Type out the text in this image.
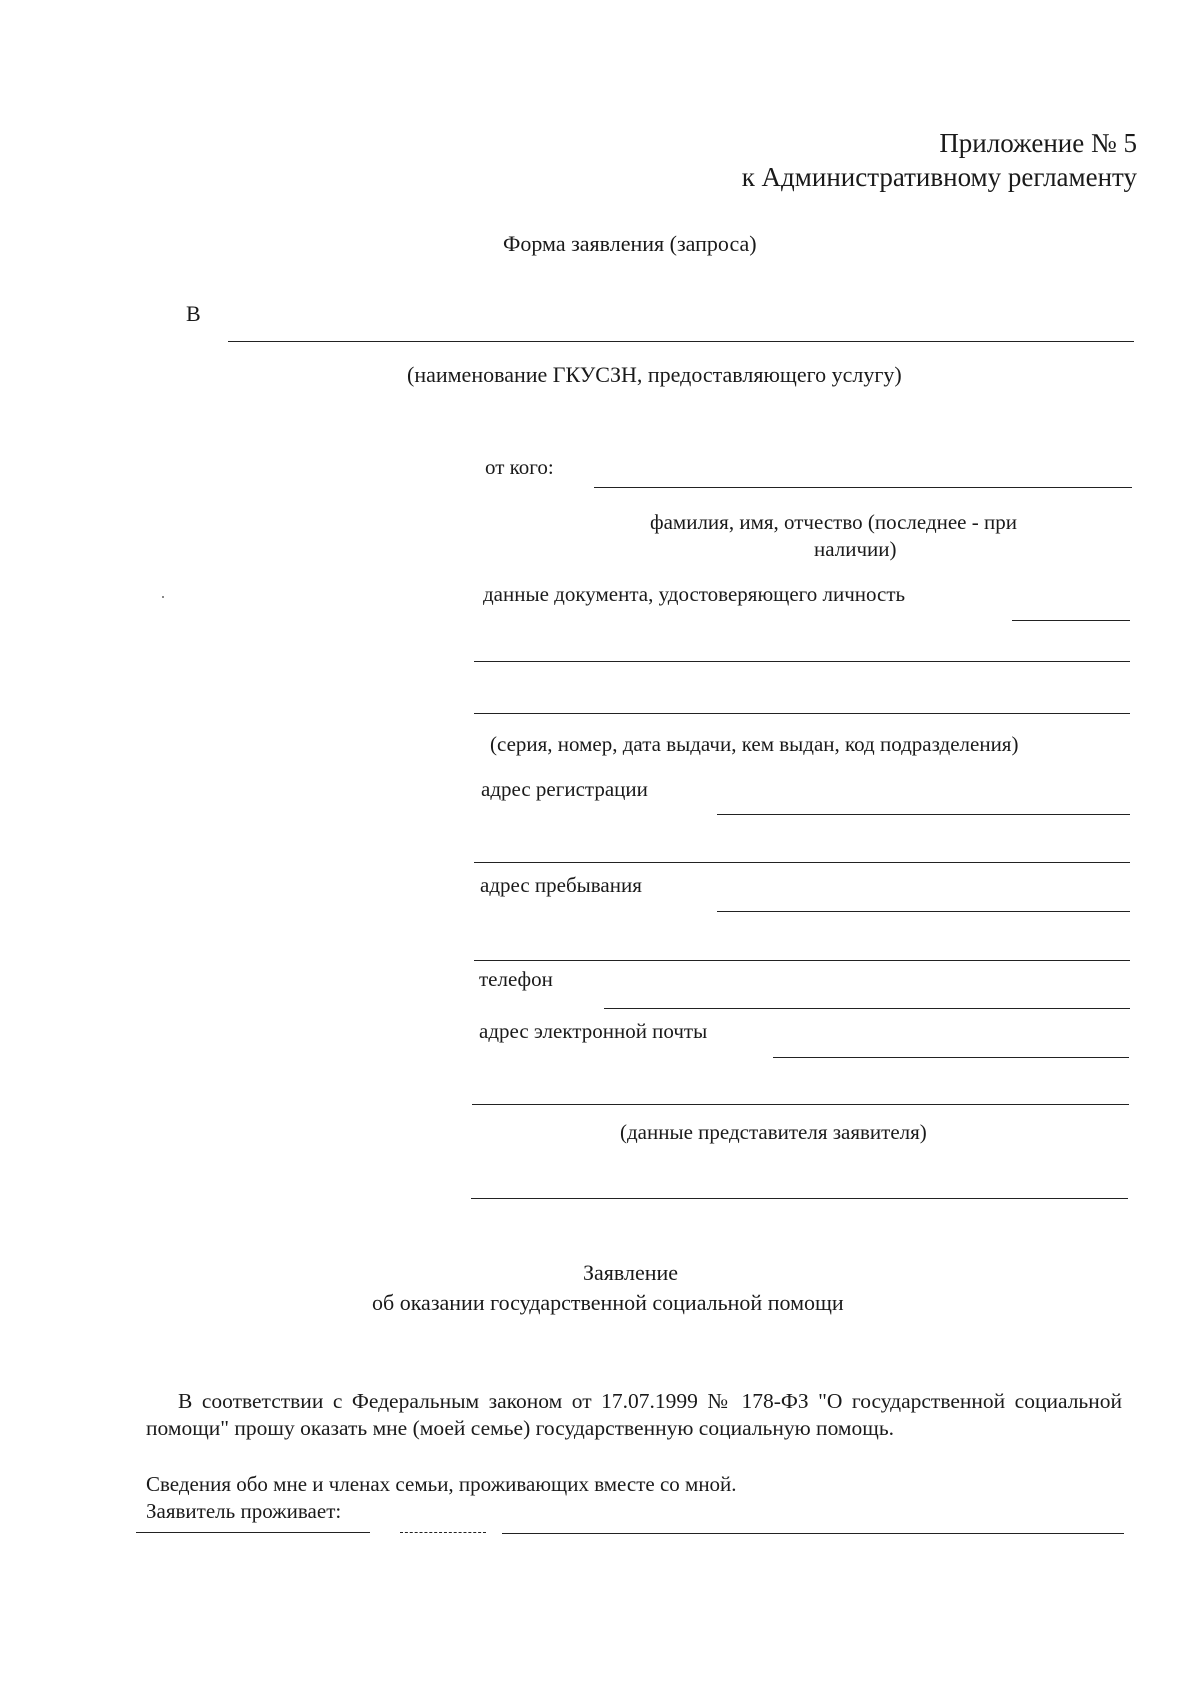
Приложение № 5
к Административному регламенту
Форма заявления (запроса)
В
(наименование ГКУСЗН, предоставляющего услугу)
от кого:
фамилия, имя, отчество (последнее - при
наличии)
данные документа, удостоверяющего личность
(серия, номер, дата выдачи, кем выдан, код подразделения)
адрес регистрации
адрес пребывания
телефон
адрес электронной почты
(данные представителя заявителя)
Заявление
об оказании государственной социальной помощи
В соответствии с Федеральным законом от 17.07.1999 № 178-ФЗ "О государственной социальной помощи" прошу оказать мне (моей семье) государственную социальную помощь.
Сведения обо мне и членах семьи, проживающих вместе со мной.
Заявитель проживает:
